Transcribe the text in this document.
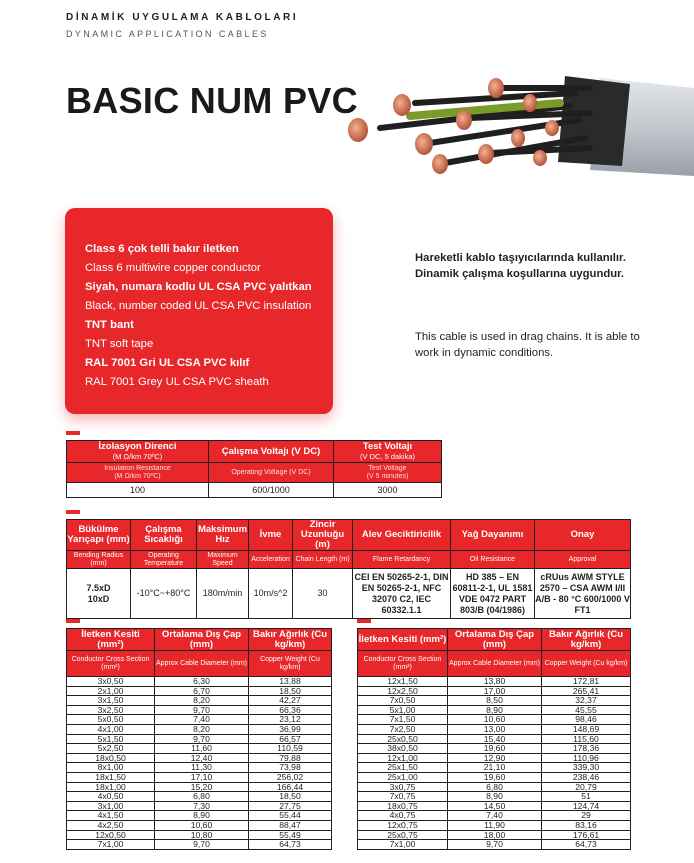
DİNAMİK UYGULAMA KABLOLARI
DYNAMIC APPLICATION CABLES
BASIC NUM PVC
Class 6 çok telli bakır iletken
Class 6 multiwire copper conductor
Siyah, numara kodlu UL CSA PVC yalıtkan
Black, number coded UL CSA PVC insulation
TNT bant
TNT soft tape
RAL 7001 Gri UL CSA PVC kılıf
RAL 7001 Grey UL CSA PVC sheath
Hareketli kablo taşıyıcılarında kullanılır. Dinamik çalışma koşullarına uygundur.
This cable is used in drag chains. It is able to work in dynamic conditions.
İzolasyon Direnci
(M Ω/km 70ºC)	Çalışma Voltajı (V DC)	Test Voltajı
(V DC, 5 dakika)

Insulation Resistance
(M Ω/km 70ºC)	Operating Voltage (V DC)	Test Voltage
(V 5 minutes)
100	600/1000	3000
Bükülme Yarıçapı (mm)	Çalışma Sıcaklığı	Maksimum Hız	İvme	Zincir Uzunluğu (m)	Alev Geciktiricilik	Yağ Dayanımı	Onay
Bending Radius (mm)	Operating Temperature	Maximum Speed	Acceleration	Chain Length (m)	Flame Retardancy	Oil Resistance	Approval
7.5xD
10xD	-10°C~+80°C	180m/min	10m/s^2	30	CEI EN 50265-2-1, DIN EN 50265-2-1, NFC 32070 C2, IEC 60332.1.1	HD 385 – EN 60811-2-1, UL 1581 VDE 0472 PART 803/B (04/1986)	cRUus AWM STYLE 2570 – CSA AWM I/II A/B - 80 °C 600/1000 V FT1
İletken Kesiti (mm²)	Ortalama Dış Çap (mm)	Bakır Ağırlık (Cu kg/km)
Conductor Cross Section (mm²)	Approx Cable Diameter (mm)	Copper Weight (Cu kg/km)
3x0,50	6,30	13,88
2x1,00	6,70	18,50
3x1,50	8,20	42,27
3x2,50	9,70	66,36
5x0,50	7,40	23,12
4x1,00	8,20	36,99
5x1,50	9,70	66,57
5x2,50	11,60	110,59
18x0,50	12,40	79,88
8x1,00	11,30	73,98
18x1,50	17,10	256,02
18x1,00	15,20	166,44
4x0,50	6,80	18,50
3x1,00	7,30	27,75
4x1,50	8,90	55,44
4x2,50	10,60	88,47
12x0,50	10,80	55,49
7x1,00	9,70	64,73
İletken Kesiti (mm²)	Ortalama Dış Çap (mm)	Bakır Ağırlık (Cu kg/km)
Conductor Cross Section (mm²)	Approx Cable Diameter (mm)	Copper Weight (Cu kg/km)
12x1,50	13,80	172,81
12x2,50	17,00	265,41
7x0,50	8,50	32,37
5x1,00	8,90	45,55
7x1,50	10,60	98,46
7x2,50	13,00	148,69
25x0,50	15,40	115,60
38x0,50	19,60	178,36
12x1,00	12,90	110,96
25x1,50	21,10	339,30
25x1,00	19,60	238,46
3x0,75	6,80	20,79
7x0,75	8,90	51
18x0,75	14,50	124,74
4x0,75	7,40	29
12x0,75	11,90	83,16
25x0,75	18,00	176,61
7x1,00	9,70	64,73
